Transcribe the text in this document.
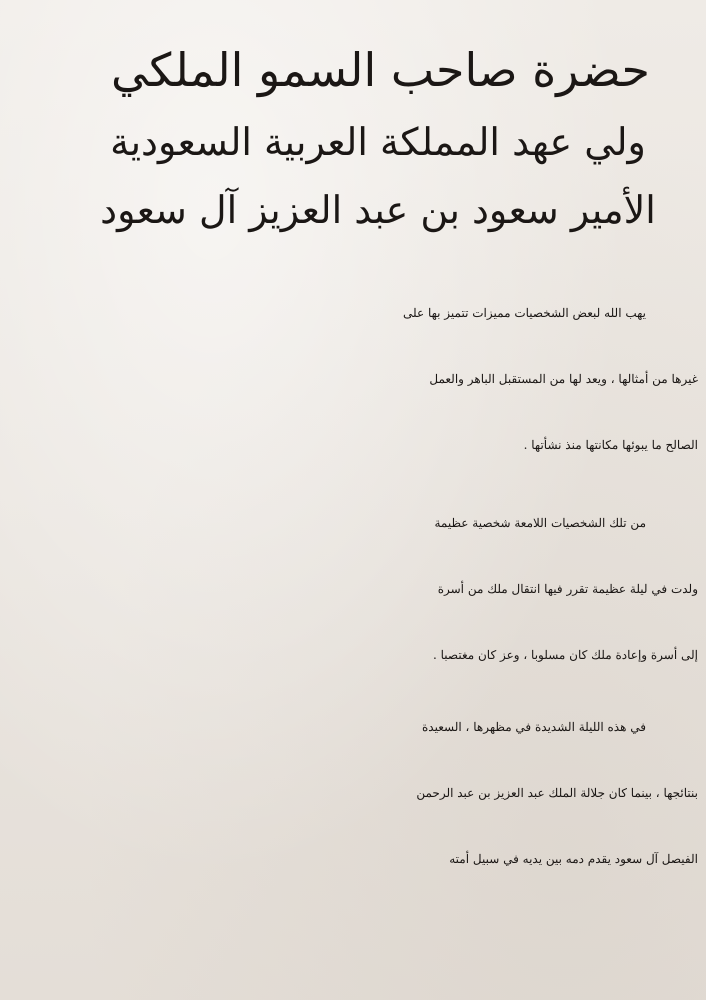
حضرة صاحب السمو الملكي
ولي عهد المملكة العربية السعودية
الأمير سعود بن عبد العزيز آل سعود

يهب الله لبعض الشخصيات مميزات تتميز بها على
غيرها من أمثالها ، ويعد لها من المستقبل الباهر والعمل
الصالح ما يبوئها مكانتها منذ نشأتها .

من تلك الشخصيات اللامعة شخصية عظيمة
ولدت في ليلة عظيمة تقرر فيها انتقال ملك من أسرة
إلى أسرة وإعادة ملك كان مسلوبا ، وعز كان مغتصبا .

في هذه الليلة الشديدة في مظهرها ، السعيدة
بنتائجها ، بينما كان جلالة الملك عبد العزيز بن عبد الرحمن
الفيصل آل سعود يقدم دمه بين يديه في سبيل أمته
